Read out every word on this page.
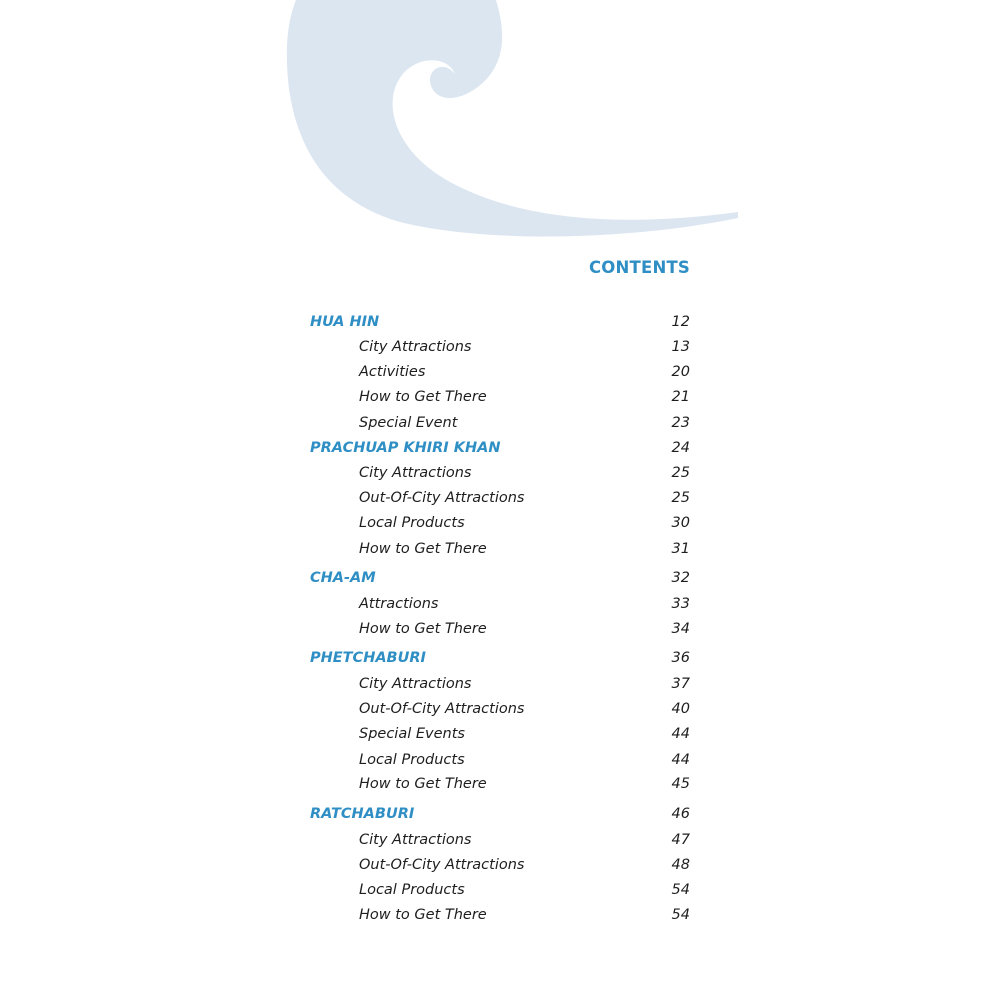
CONTENTS
HUA HIN	12
City Attractions	13
Activities	20
How to Get There	21
Special Event	23
PRACHUAP KHIRI KHAN	24
City Attractions	25
Out-Of-City Attractions	25
Local Products	30
How to Get There	31
CHA-AM	32
Attractions	33
How to Get There	34
PHETCHABURI	36
City Attractions	37
Out-Of-City Attractions	40
Special Events	44
Local Products	44
How to Get There	45
RATCHABURI	46
City Attractions	47
Out-Of-City Attractions	48
Local Products	54
How to Get There	54
